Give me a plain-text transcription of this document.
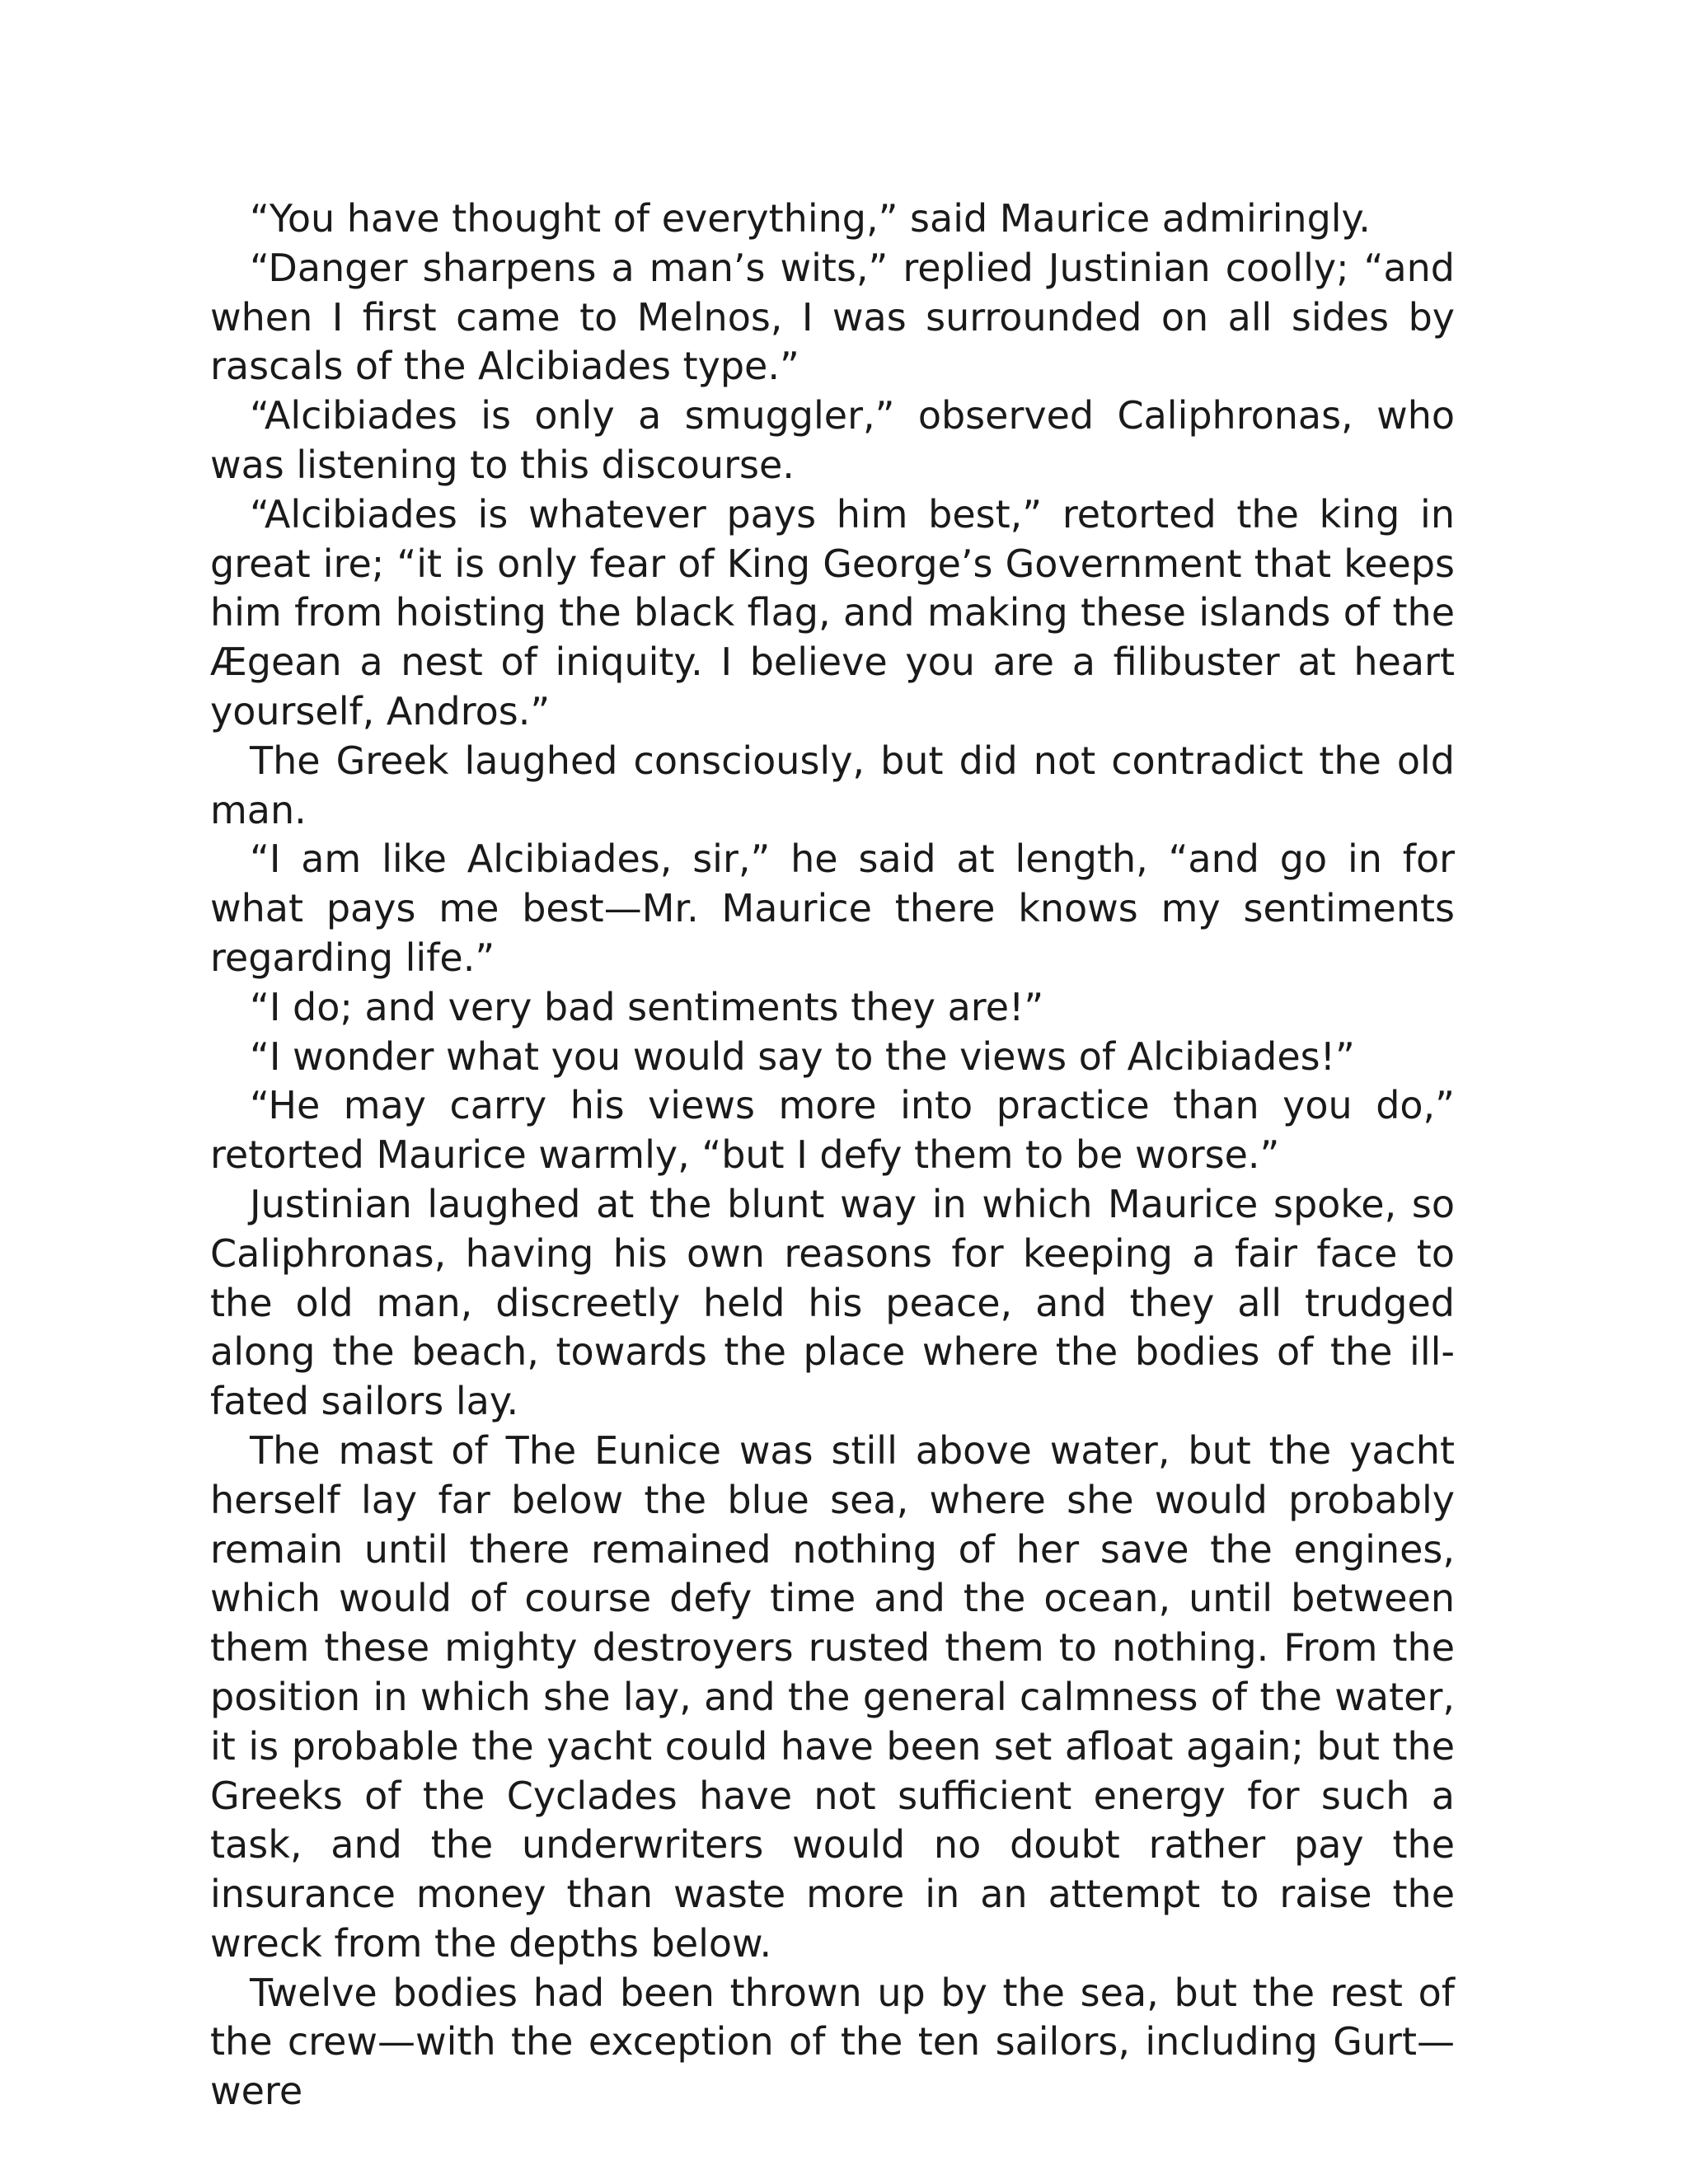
“You have thought of everything,” said Maurice admiringly.

“Danger sharpens a man’s wits,” replied Justinian coolly; “and when I first came to Melnos, I was surrounded on all sides by rascals of the Alcibiades type.”

“Alcibiades is only a smuggler,” observed Caliphronas, who was listening to this discourse.

“Alcibiades is whatever pays him best,” retorted the king in great ire; “it is only fear of King George’s Government that keeps him from hoisting the black flag, and making these islands of the Ægean a nest of iniquity. I believe you are a filibuster at heart yourself, Andros.”

The Greek laughed consciously, but did not contradict the old man.

“I am like Alcibiades, sir,” he said at length, “and go in for what pays me best—Mr. Maurice there knows my sentiments regarding life.”

“I do; and very bad sentiments they are!”

“I wonder what you would say to the views of Alcibiades!”

“He may carry his views more into practice than you do,” retorted Maurice warmly, “but I defy them to be worse.”

Justinian laughed at the blunt way in which Maurice spoke, so Caliphronas, having his own reasons for keeping a fair face to the old man, discreetly held his peace, and they all trudged along the beach, towards the place where the bodies of the ill-fated sailors lay.

The mast of The Eunice was still above water, but the yacht herself lay far below the blue sea, where she would probably remain until there remained nothing of her save the engines, which would of course defy time and the ocean, until between them these mighty destroyers rusted them to nothing. From the position in which she lay, and the general calmness of the water, it is probable the yacht could have been set afloat again; but the Greeks of the Cyclades have not sufficient energy for such a task, and the underwriters would no doubt rather pay the insurance money than waste more in an attempt to raise the wreck from the depths below.

Twelve bodies had been thrown up by the sea, but the rest of the crew—with the exception of the ten sailors, including Gurt—were
